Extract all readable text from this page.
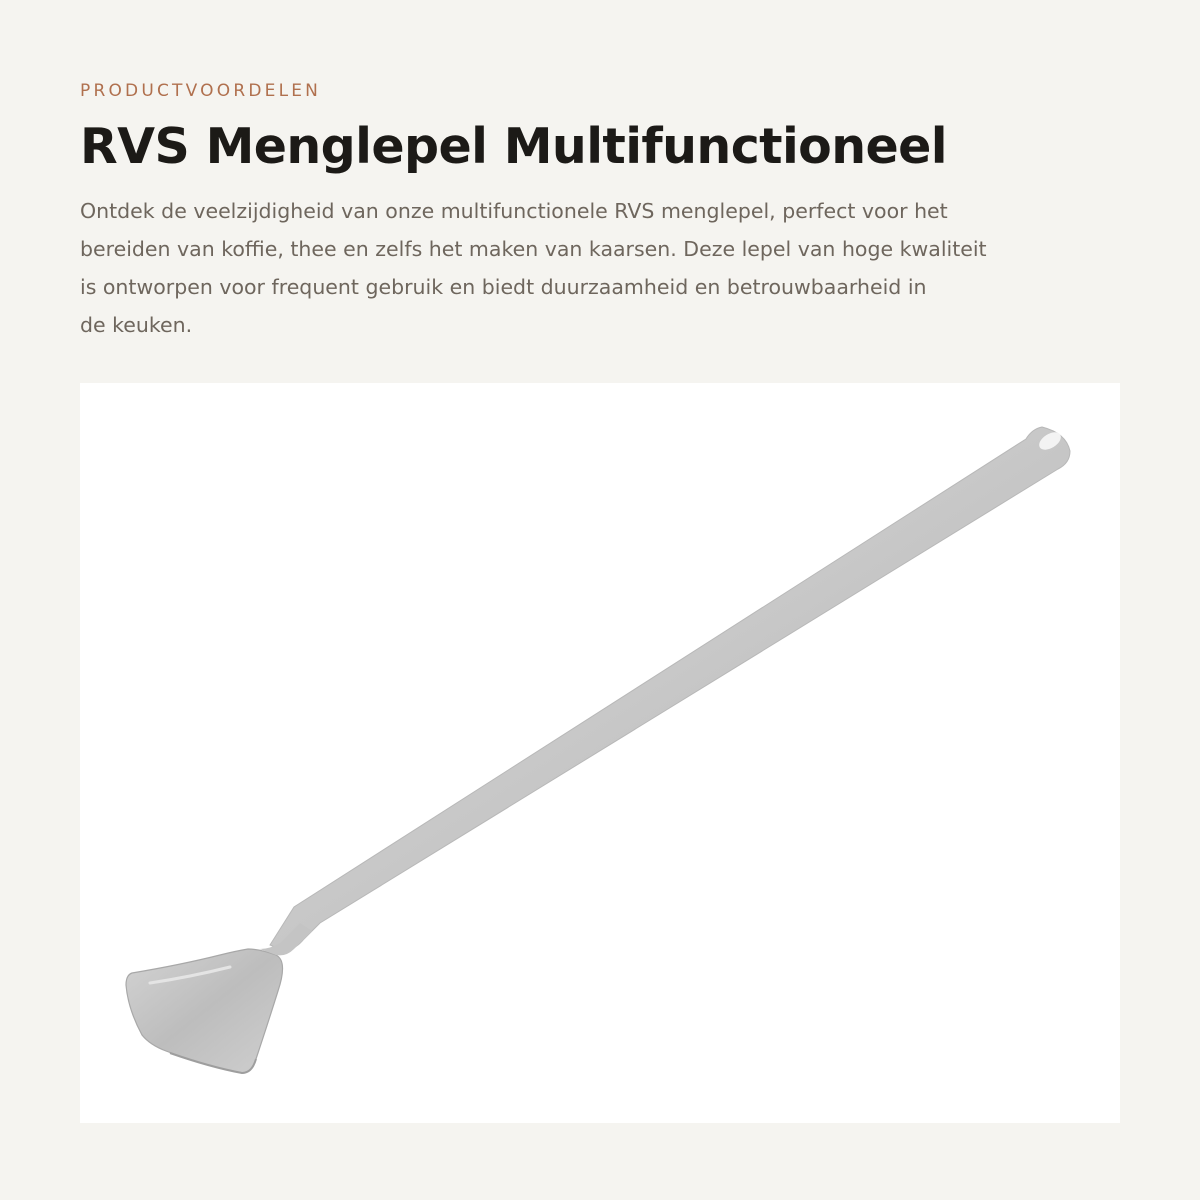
PRODUCTVOORDELEN

RVS Menglepel Multifunctioneel

Ontdek de veelzijdigheid van onze multifunctionele RVS menglepel, perfect voor het
bereiden van koffie, thee en zelfs het maken van kaarsen. Deze lepel van hoge kwaliteit
is ontworpen voor frequent gebruik en biedt duurzaamheid en betrouwbaarheid in
de keuken.
